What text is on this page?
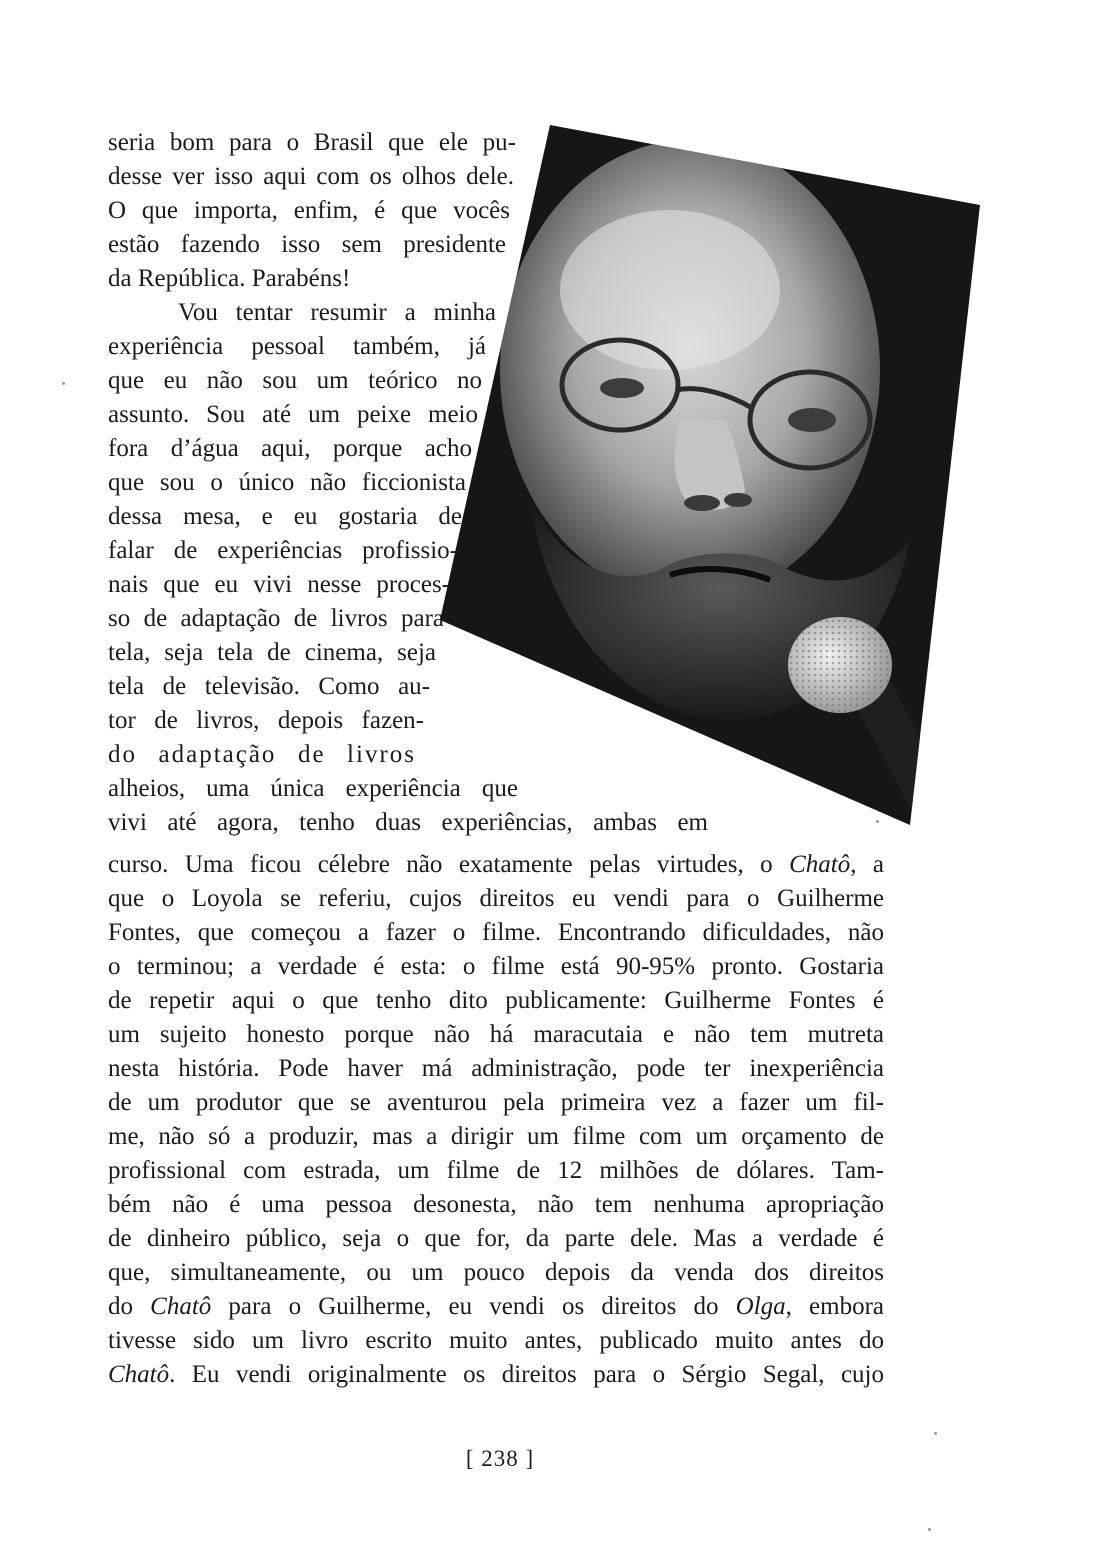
seria bom para o Brasil que ele pu-
desse ver isso aqui com os olhos dele.
O que importa, enfim, é que vocês
estão fazendo isso sem presidente
da República. Parabéns!
Vou tentar resumir a minha
experiência pessoal também, já
que eu não sou um teórico no
assunto. Sou até um peixe meio
fora d’água aqui, porque acho
que sou o único não ficcionista
dessa mesa, e eu gostaria de
falar de experiências profissio-
nais que eu vivi nesse proces-
so de adaptação de livros para
tela, seja tela de cinema, seja
tela de televisão. Como au-
tor de livros, depois fazen-
do adaptação de livros
alheios, uma única experiência que
vivi até agora, tenho duas experiências, ambas em
curso. Uma ficou célebre não exatamente pelas virtudes, o Chatô, a
que o Loyola se referiu, cujos direitos eu vendi para o Guilherme
Fontes, que começou a fazer o filme. Encontrando dificuldades, não
o terminou; a verdade é esta: o filme está 90-95% pronto. Gostaria
de repetir aqui o que tenho dito publicamente: Guilherme Fontes é
um sujeito honesto porque não há maracutaia e não tem mutreta
nesta história. Pode haver má administração, pode ter inexperiência
de um produtor que se aventurou pela primeira vez a fazer um fil-
me, não só a produzir, mas a dirigir um filme com um orçamento de
profissional com estrada, um filme de 12 milhões de dólares. Tam-
bém não é uma pessoa desonesta, não tem nenhuma apropriação
de dinheiro público, seja o que for, da parte dele. Mas a verdade é
que, simultaneamente, ou um pouco depois da venda dos direitos
do Chatô para o Guilherme, eu vendi os direitos do Olga, embora
tivesse sido um livro escrito muito antes, publicado muito antes do
Chatô. Eu vendi originalmente os direitos para o Sérgio Segal, cujo
[ 238 ]
